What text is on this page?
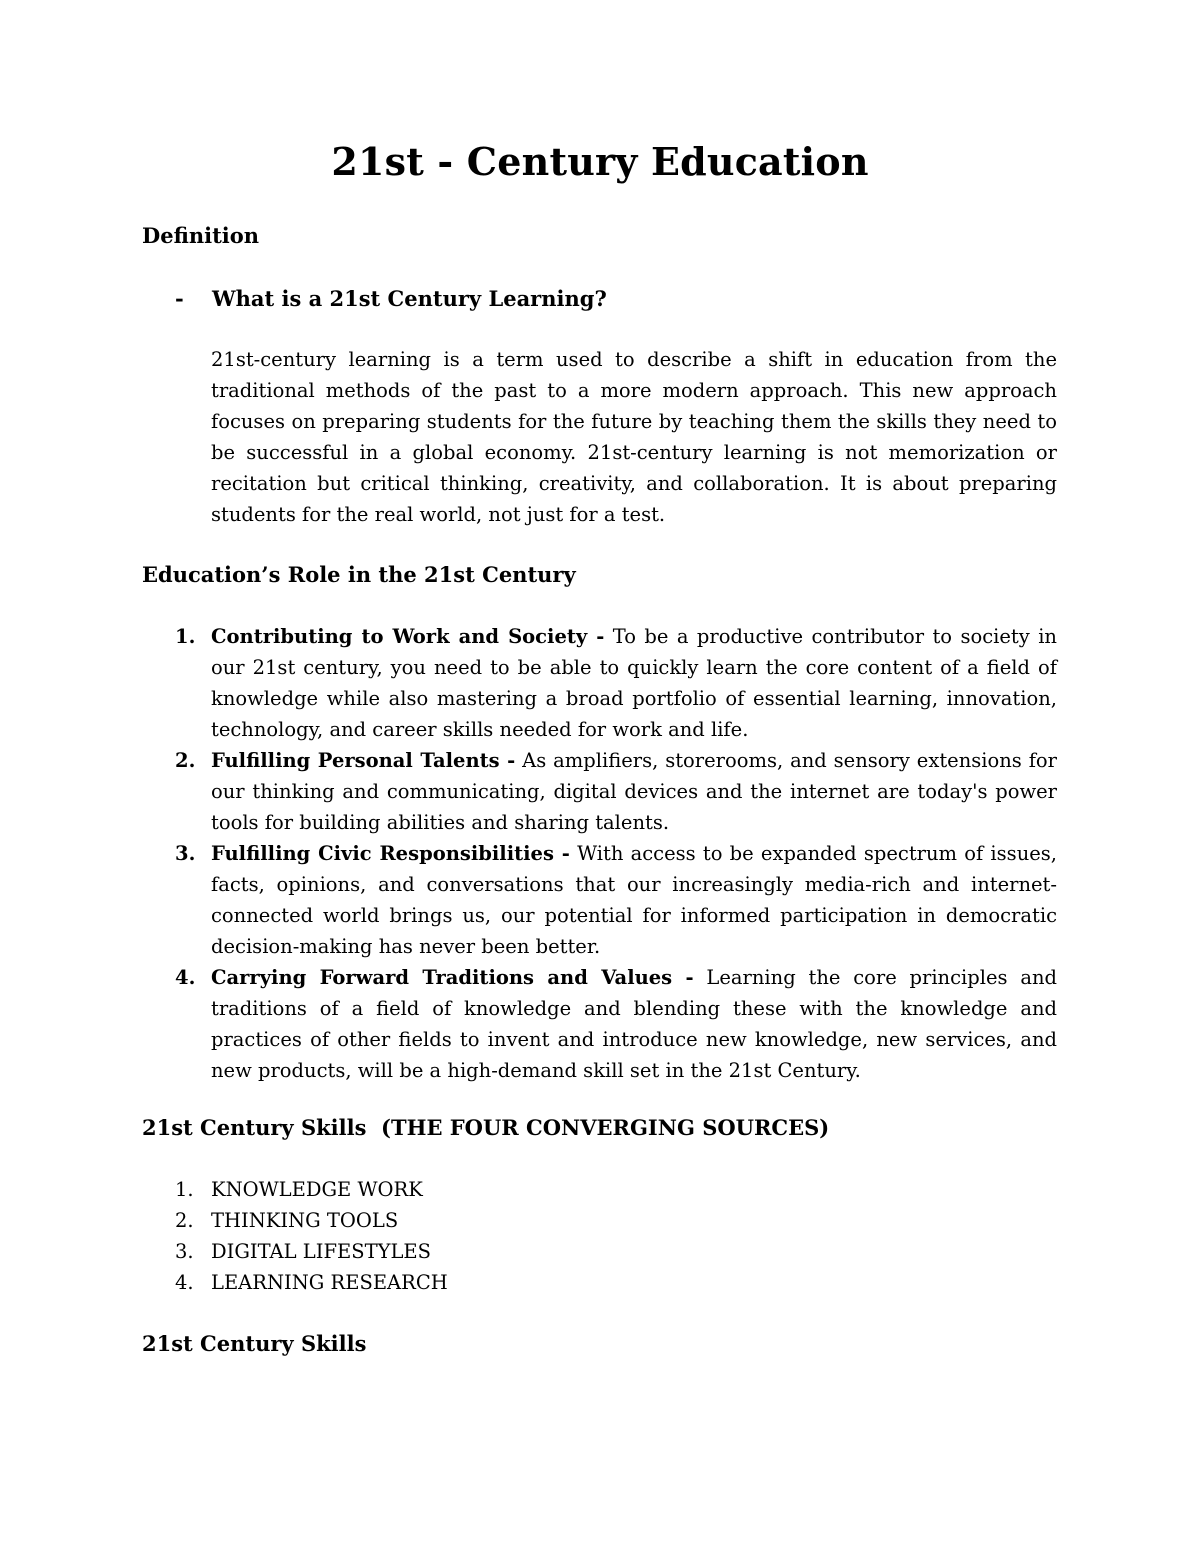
21st - Century Education
Definition
- What is a 21st Century Learning?

21st-century learning is a term used to describe a shift in education from the traditional methods of the past to a more modern approach. This new approach focuses on preparing students for the future by teaching them the skills they need to be successful in a global economy. 21st-century learning is not memorization or recitation but critical thinking, creativity, and collaboration. It is about preparing students for the real world, not just for a test.

Education’s Role in the 21st Century
1. Contributing to Work and Society - To be a productive contributor to society in our 21st century, you need to be able to quickly learn the core content of a field of knowledge while also mastering a broad portfolio of essential learning, innovation, technology, and career skills needed for work and life.
2. Fulfilling Personal Talents - As amplifiers, storerooms, and sensory extensions for our thinking and communicating, digital devices and the internet are today's power tools for building abilities and sharing talents.
3. Fulfilling Civic Responsibilities - With access to be expanded spectrum of issues, facts, opinions, and conversations that our increasingly media-rich and internet-connected world brings us, our potential for informed participation in democratic decision-making has never been better.
4. Carrying Forward Traditions and Values - Learning the core principles and traditions of a field of knowledge and blending these with the knowledge and practices of other fields to invent and introduce new knowledge, new services, and new products, will be a high-demand skill set in the 21st Century.
21st Century Skills  (THE FOUR CONVERGING SOURCES)
1. KNOWLEDGE WORK
2. THINKING TOOLS
3. DIGITAL LIFESTYLES
4. LEARNING RESEARCH
21st Century Skills
